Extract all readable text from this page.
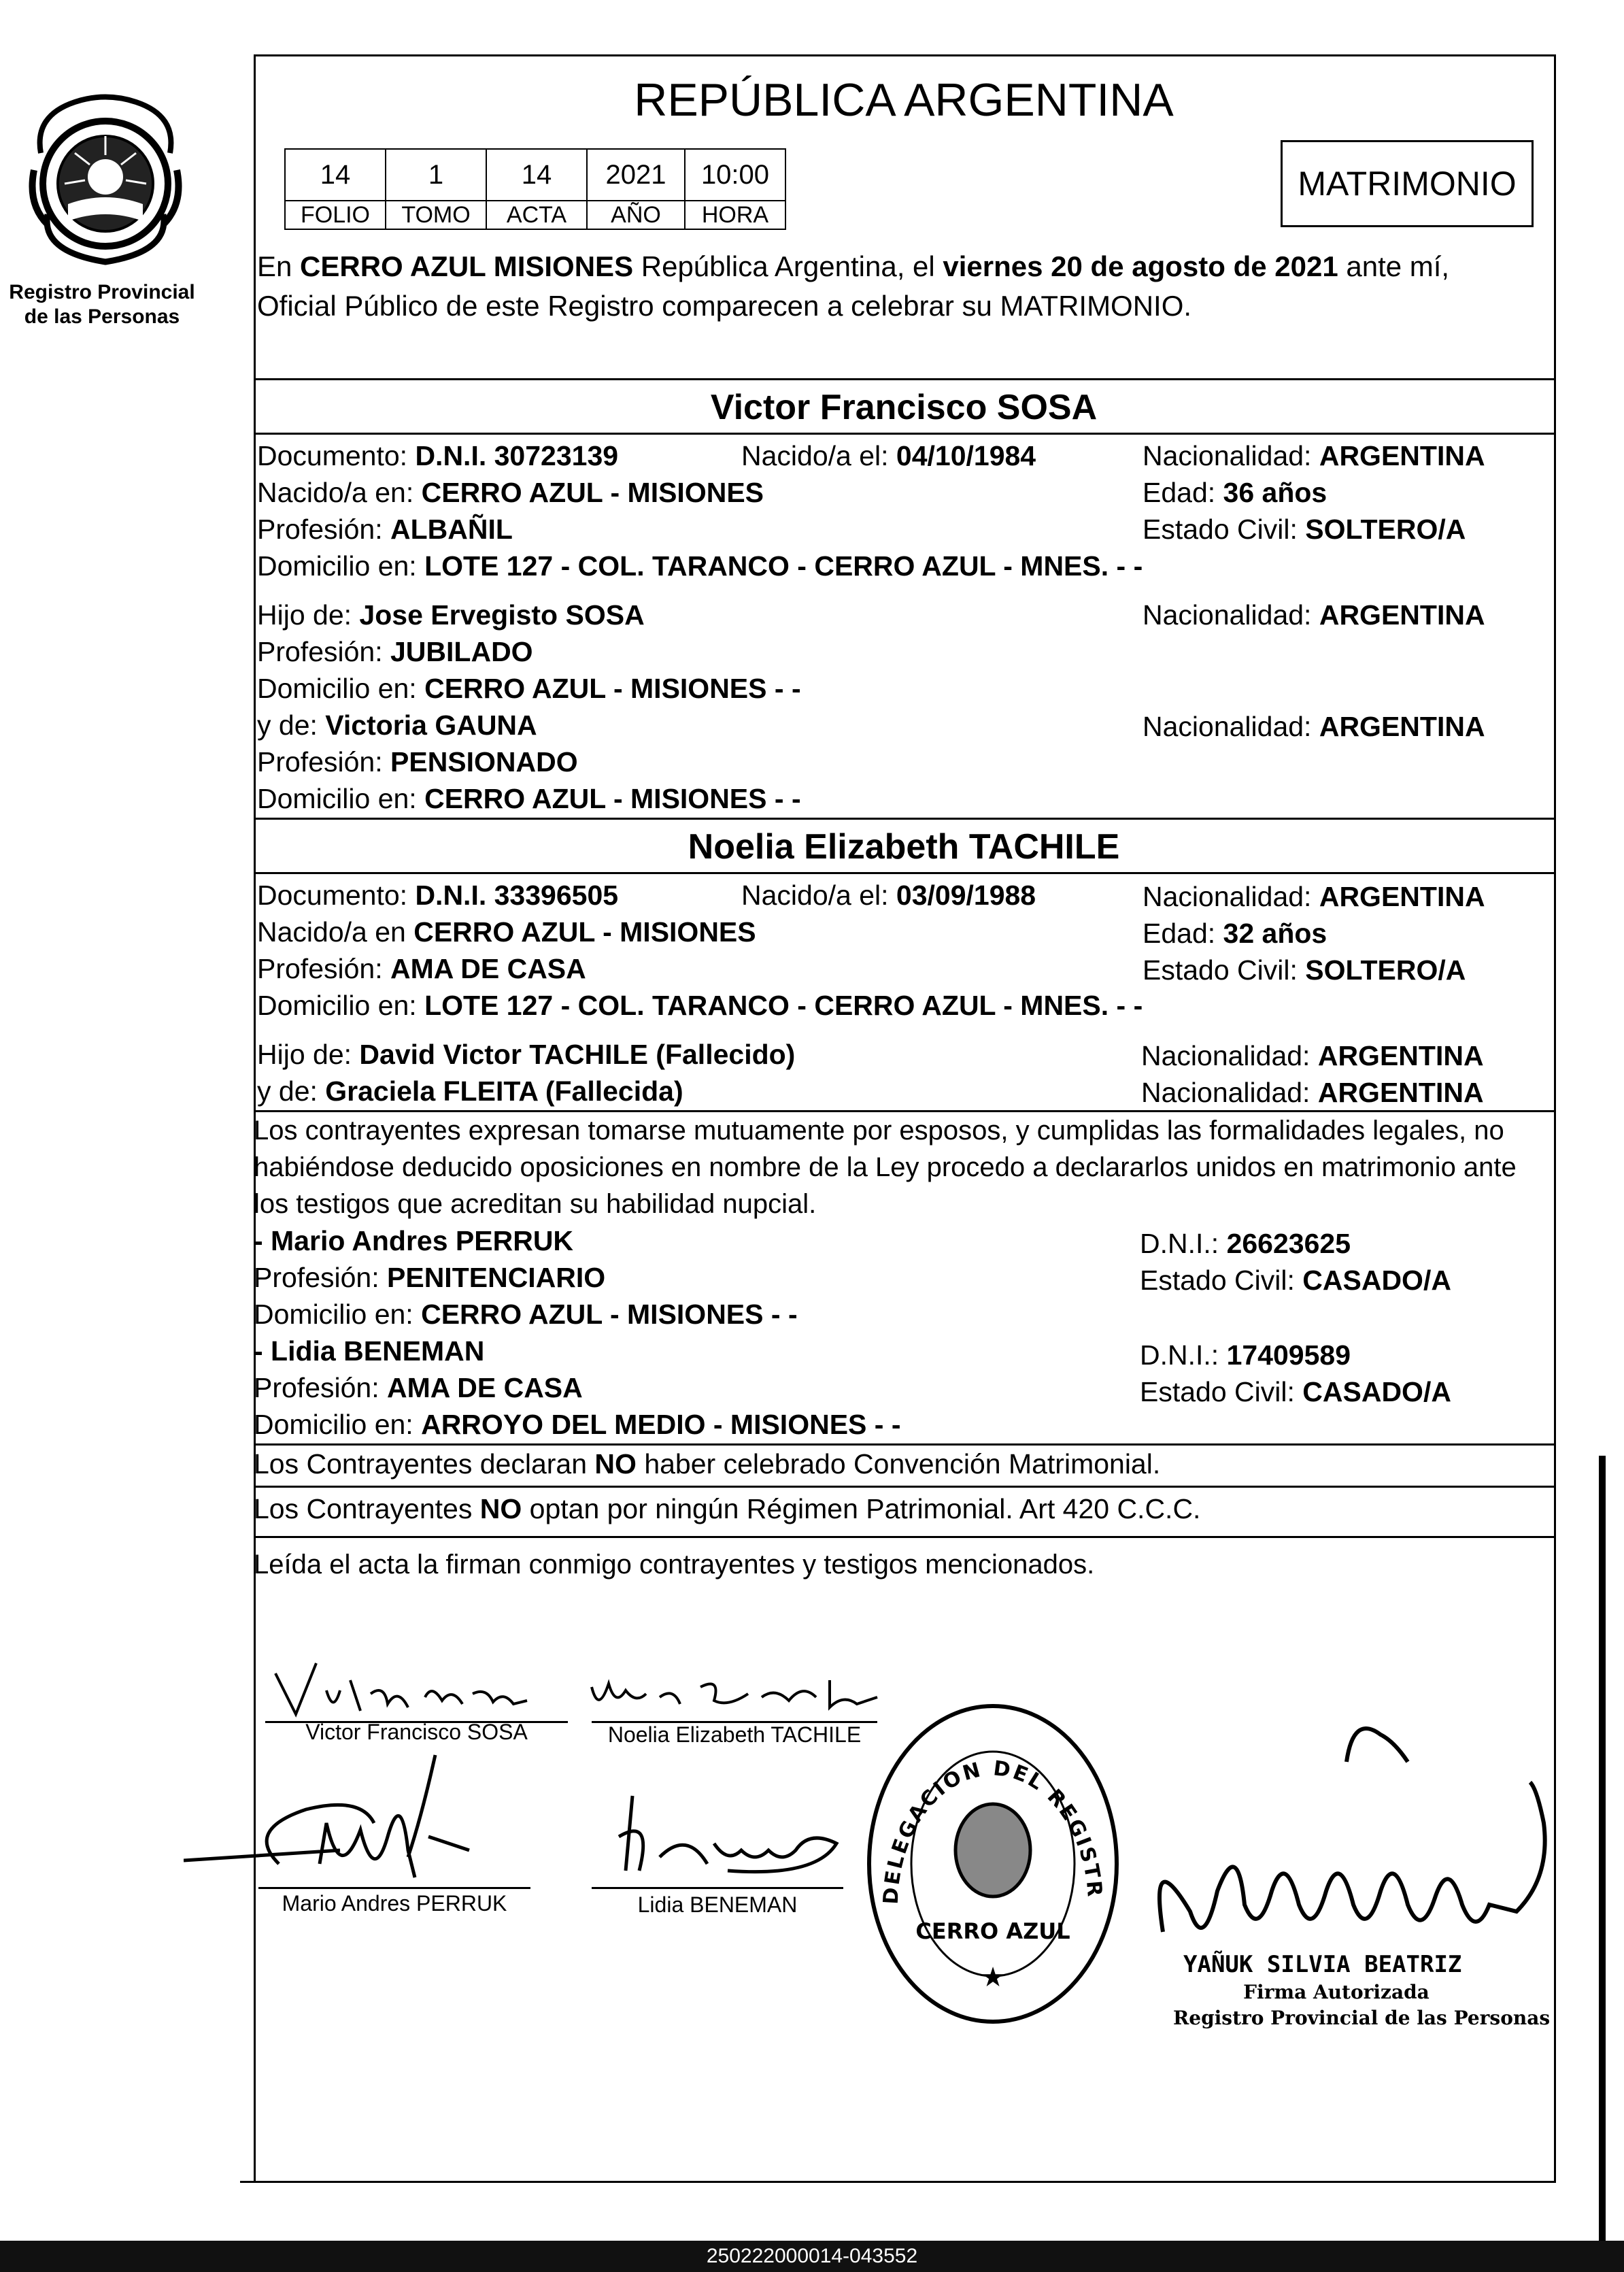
Registro Provincial
de las Personas
REPÚBLICA ARGENTINA
14	1	14	2021	10:00
FOLIO	TOMO	ACTA	AÑO	HORA
MATRIMONIO
En CERRO AZUL MISIONES República Argentina, el viernes 20 de agosto de 2021 ante mí,
Oficial Público de este Registro comparecen a celebrar su MATRIMONIO.
Victor Francisco SOSA
Documento: D.N.I. 30723139	Nacido/a el: 04/10/1984	Nacionalidad: ARGENTINA
Nacido/a en: CERRO AZUL - MISIONES	Edad: 36 años
Profesión: ALBAÑIL	Estado Civil: SOLTERO/A
Domicilio en: LOTE 127 - COL. TARANCO - CERRO AZUL - MNES. - -
Hijo de: Jose Ervegisto SOSA	Nacionalidad: ARGENTINA
Profesión: JUBILADO
Domicilio en: CERRO AZUL - MISIONES - -
y de: Victoria GAUNA	Nacionalidad: ARGENTINA
Profesión: PENSIONADO
Domicilio en: CERRO AZUL - MISIONES - -
Noelia Elizabeth TACHILE
Documento: D.N.I. 33396505	Nacido/a el: 03/09/1988	Nacionalidad: ARGENTINA
Nacido/a en CERRO AZUL - MISIONES	Edad: 32 años
Profesión: AMA DE CASA	Estado Civil: SOLTERO/A
Domicilio en: LOTE 127 - COL. TARANCO - CERRO AZUL - MNES. - -
Hijo de: David Victor TACHILE (Fallecido)	Nacionalidad: ARGENTINA
y de: Graciela FLEITA (Fallecida)	Nacionalidad: ARGENTINA
Los contrayentes expresan tomarse mutuamente por esposos, y cumplidas las formalidades legales, no
habiéndose deducido oposiciones en nombre de la Ley procedo a declararlos unidos en matrimonio ante
los testigos que acreditan su habilidad nupcial.
- Mario Andres PERRUK	D.N.I.: 26623625
Profesión: PENITENCIARIO	Estado Civil: CASADO/A
Domicilio en: CERRO AZUL - MISIONES - -
- Lidia BENEMAN	D.N.I.: 17409589
Profesión: AMA DE CASA	Estado Civil: CASADO/A
Domicilio en: ARROYO DEL MEDIO - MISIONES - -
Los Contrayentes declaran NO haber celebrado Convención Matrimonial.
Los Contrayentes NO optan por ningún Régimen Patrimonial. Art 420 C.C.C.
Leída el acta la firman conmigo contrayentes y testigos mencionados.
Victor Francisco SOSA	Noelia Elizabeth TACHILE
Mario Andres PERRUK	Lidia BENEMAN	DELEGACION DEL REGISTR
CERRO AZUL
★	YAÑUK SILVIA BEATRIZ
Firma Autorizada
Registro Provincial de las Personas
250222000014-043552
